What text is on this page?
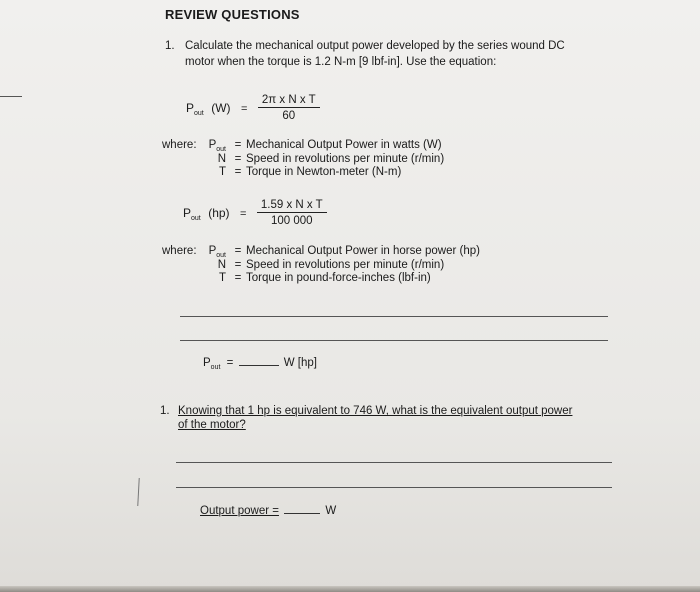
REVIEW QUESTIONS
1. Calculate the mechanical output power developed by the series wound DC
motor when the torque is 1.2 N-m [9 lbf-in]. Use the equation:
Pout $(W) = \frac{\text{2π x N x T}}{60}$
where:	$P_{out}$	=	Mechanical Output Power in watts (W)
	N	=	Speed in revolutions per minute (r/min)
	T	=	Torque in Newton-meter (N-m)
Pout $(hp) = \frac{\text{1.59 x N x T}}{100 000}$
where:	$P_{out}$	=	Mechanical Output Power in horse power (hp)
	N	=	Speed in revolutions per minute (r/min)
	T	=	Torque in pound-force-inches (lbf-in)
$P_{out}$ =	W [hp]
1. Knowing that 1 hp is equivalent to 746 W, what is the equivalent output power
of the motor?
Output power =	W
